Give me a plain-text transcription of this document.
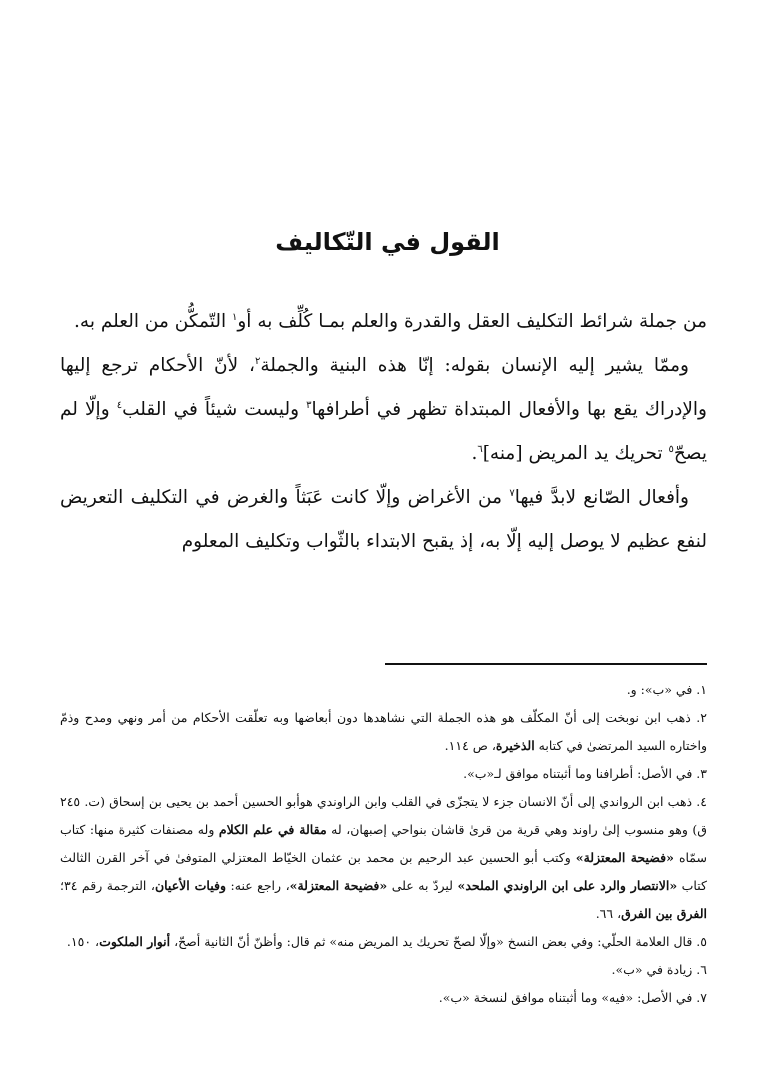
القول في التّكاليف

من جملة شرائط التكليف العقل والقدرة والعلم بمـا كُلِّف به أو$^١$ التّمكُّن من العلم به.

وممّا يشير إليه الإنسان بقوله: إنّا هذه البنية والجملة$^٢$، لأنّ الأحكام ترجع إليها والإدراك يقع بها والأفعال المبتداة تظهر في أطرافها$^٣$ وليست شيئاً في القلب$^٤$ وإلّا لم يصحّ$^٥$ تحريك يد المريض [منه]$^٦$.

وأفعال الصّانع لابدَّ فيها$^٧$ من الأغراض وإلّا كانت عَبَثاً والغرض في التكليف التعريض لنفع عظيم لا يوصل إليه إلّا به، إذ يقبح الابتداء بالثّواب وتكليف المعلوم

١. في «ب»: و.

٢. ذهب ابن نوبخت إلى أنّ المكلّف هو هذه الجملة التي نشاهدها دون أبعاضها وبه تعلّقت الأحكام من أمر ونهي ومدح وذمّ واختاره السيد المرتضىٰ في كتابه الذخيرة، ص ١١٤.

٣. في الأصل: أطرافنا وما أثبتناه موافق لـ«ب».

٤. ذهب ابن الرواندي إلى أنّ الانسان جزء لا يتجزّى في القلب وابن الراوندي هوأبو الحسين أحمد بن يحيى بن إسحاق (ت. ٢٤٥ ق) وهو منسوب إلىٰ راوند وهي قرية من قرىٰ قاشان بنواحي إصبهان، له مقالة في علم الكلام وله مصنفات كثيرة منها: كتاب سمّاه «فضيحة المعتزلة» وكتب أبو الحسين عبد الرحيم بن محمد بن عثمان الخيّاط المعتزلي المتوفىٰ في آخر القرن الثالث كتاب «الانتصار والرد على ابن الراوندي الملحد» ليردّ به على «فضيحة المعتزلة»، راجع عنه: وفيات الأعيان، الترجمة رقم ٣٤؛ الفرق بين الفرق، ٦٦.

٥. قال العلامة الحلّي: وفي بعض النسخ «وإلّا لصحّ تحريك يد المريض منه» ثم قال: وأظنّ أنّ الثانية أصحّ، أنوار الملكوت، ١٥٠.

٦. زيادة في «ب».

٧. في الأصل: «فيه» وما أثبتناه موافق لنسخة «ب».
